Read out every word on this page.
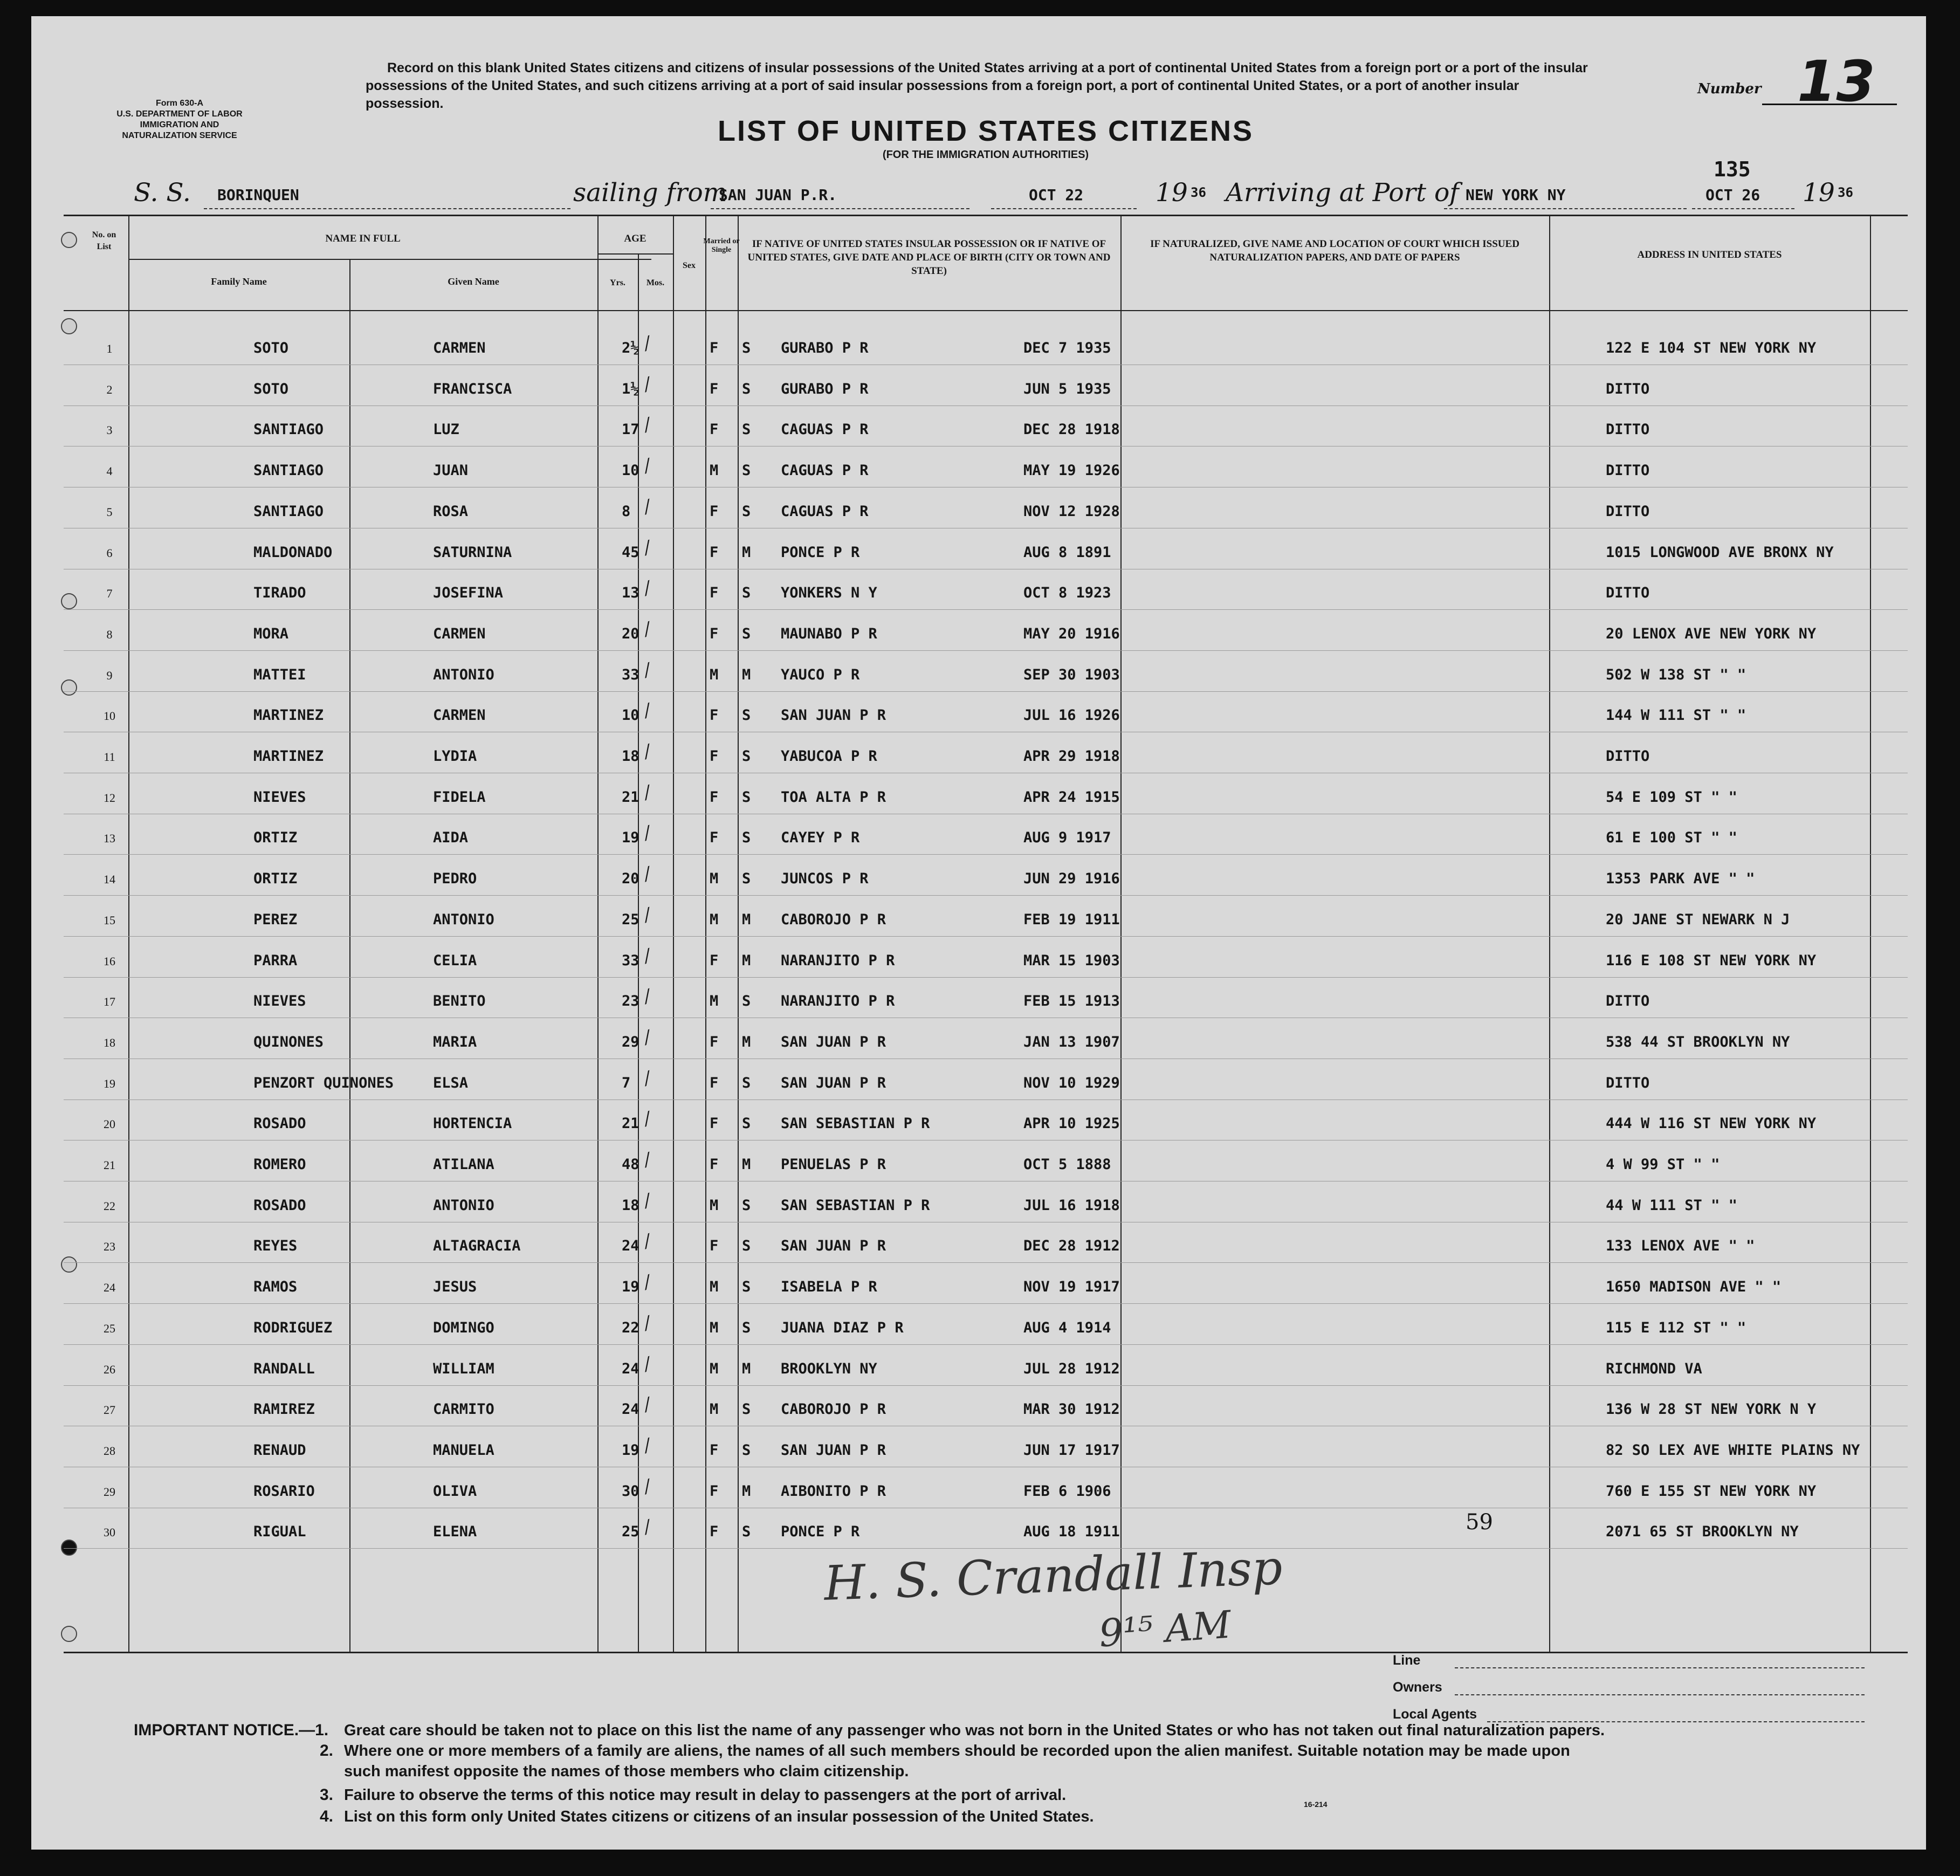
Form 630-A
U.S. DEPARTMENT OF LABOR
IMMIGRATION AND
NATURALIZATION SERVICE
Record on this blank United States citizens and citizens of insular possessions of the United States arriving at a port of continental United States from a foreign port or a port of the insular possessions of the United States, and such citizens arriving at a port of said insular possessions from a foreign port, a port of continental United States, or a port of another insular possession.
Number 13
LIST OF UNITED STATES CITIZENS
(FOR THE IMMIGRATION AUTHORITIES)
S. S. BORINQUEN	sailing from
SAN JUAN P.R.	OCT 22	19 36 Arriving at Port of NEW YORK NY
135
OCT 26 19 36
No. on List
NAME IN FULL
Family Name	Given Name
AGE
Yrs.	Mos.
Sex
Married or Single
IF NATIVE OF UNITED STATES INSULAR POSSESSION OR IF NATIVE OF UNITED STATES, GIVE DATE AND PLACE OF BIRTH (CITY OR TOWN AND STATE)
IF NATURALIZED, GIVE NAME AND LOCATION OF COURT WHICH ISSUED NATURALIZATION PAPERS, AND DATE OF PAPERS	ADDRESS IN UNITED STATES
1	SOTO	CARMEN	2½	F S GURABO P R	DEC 7 1935	122 E 104 ST NEW YORK NY
⁄
2	SOTO	FRANCISCA	1½	F S GURABO P R	JUN 5 1935	DITTO
⁄
3	SANTIAGO	LUZ	17	F S CAGUAS P R	DEC 28 1918	DITTO
⁄
4	SANTIAGO	JUAN	10	M S CAGUAS P R	MAY 19 1926	DITTO
⁄
5	SANTIAGO	ROSA	8	F S CAGUAS P R	NOV 12 1928	DITTO
⁄
6	MALDONADO	SATURNINA	45	F M PONCE P R	AUG 8 1891	1015 LONGWOOD AVE BRONX NY
⁄
7	TIRADO	JOSEFINA	13	F S YONKERS N Y	OCT 8 1923	DITTO
⁄
8	MORA	CARMEN	20	F S MAUNABO P R	MAY 20 1916	20 LENOX AVE NEW YORK NY
⁄
9	MATTEI	ANTONIO	33	M M YAUCO P R	SEP 30 1903	502 W 138 ST " "
⁄
10	MARTINEZ	CARMEN	10	F S SAN JUAN P R	JUL 16 1926	144 W 111 ST " "
⁄
11	MARTINEZ	LYDIA	18	F S YABUCOA P R	APR 29 1918	DITTO
⁄
12	NIEVES	FIDELA	21	F S TOA ALTA P R	APR 24 1915	54 E 109 ST " "
⁄
13	ORTIZ	AIDA	19	F S CAYEY P R	AUG 9 1917	61 E 100 ST " "
⁄
14	ORTIZ	PEDRO	20	M S JUNCOS P R	JUN 29 1916	1353 PARK AVE " "
⁄
15	PEREZ	ANTONIO	25	M M CABOROJO P R	FEB 19 1911	20 JANE ST NEWARK N J
⁄
16	PARRA	CELIA	33	F M NARANJITO P R	MAR 15 1903	116 E 108 ST NEW YORK NY
⁄
17	NIEVES	BENITO	23	M S NARANJITO P R	FEB 15 1913	DITTO
⁄
18	QUINONES	MARIA	29	F M SAN JUAN P R	JAN 13 1907	538 44 ST BROOKLYN NY
⁄
19	PENZORT QUINONES	ELSA	7	F S SAN JUAN P R	NOV 10 1929	DITTO
⁄
20	ROSADO	HORTENCIA	21	F S SAN SEBASTIAN P R	APR 10 1925	444 W 116 ST NEW YORK NY
⁄
21	ROMERO	ATILANA	48	F M PENUELAS P R	OCT 5 1888	4 W 99 ST " "
⁄
22	ROSADO	ANTONIO	18	M S SAN SEBASTIAN P R	JUL 16 1918	44 W 111 ST " "
⁄
23	REYES	ALTAGRACIA	24	F S SAN JUAN P R	DEC 28 1912	133 LENOX AVE " "
⁄
24	RAMOS	JESUS	19	M S ISABELA P R	NOV 19 1917	1650 MADISON AVE " "
⁄
25	RODRIGUEZ	DOMINGO	22	M S JUANA DIAZ P R	AUG 4 1914	115 E 112 ST " "
⁄
26	RANDALL	WILLIAM	24	M M BROOKLYN NY	JUL 28 1912	RICHMOND VA
⁄
27	RAMIREZ	CARMITO	24	M S CABOROJO P R	MAR 30 1912	136 W 28 ST NEW YORK N Y
⁄
28	RENAUD	MANUELA	19	F S SAN JUAN P R	JUN 17 1917	82 SO LEX AVE WHITE PLAINS NY
⁄
29	ROSARIO	OLIVA	30	F M AIBONITO P R	FEB 6 1906	760 E 155 ST NEW YORK NY
⁄
30	RIGUAL	ELENA	25	F S PONCE P R	AUG 18 1911	2071 65 ST BROOKLYN NY
⁄	59
H. S. Crandall Insp
9¹⁵ AM
Line
Owners
Local Agents
IMPORTANT NOTICE.—1. Great care should be taken not to place on this list the name of any passenger who was not born in the United States or who has not taken out final naturalization papers.
2. Where one or more members of a family are aliens, the names of all such members should be recorded upon the alien manifest. Suitable notation may be made upon
such manifest opposite the names of those members who claim citizenship.
3. Failure to observe the terms of this notice may result in delay to passengers at the port of arrival.
4. List on this form only United States citizens or citizens of an insular possession of the United States.
16-214
